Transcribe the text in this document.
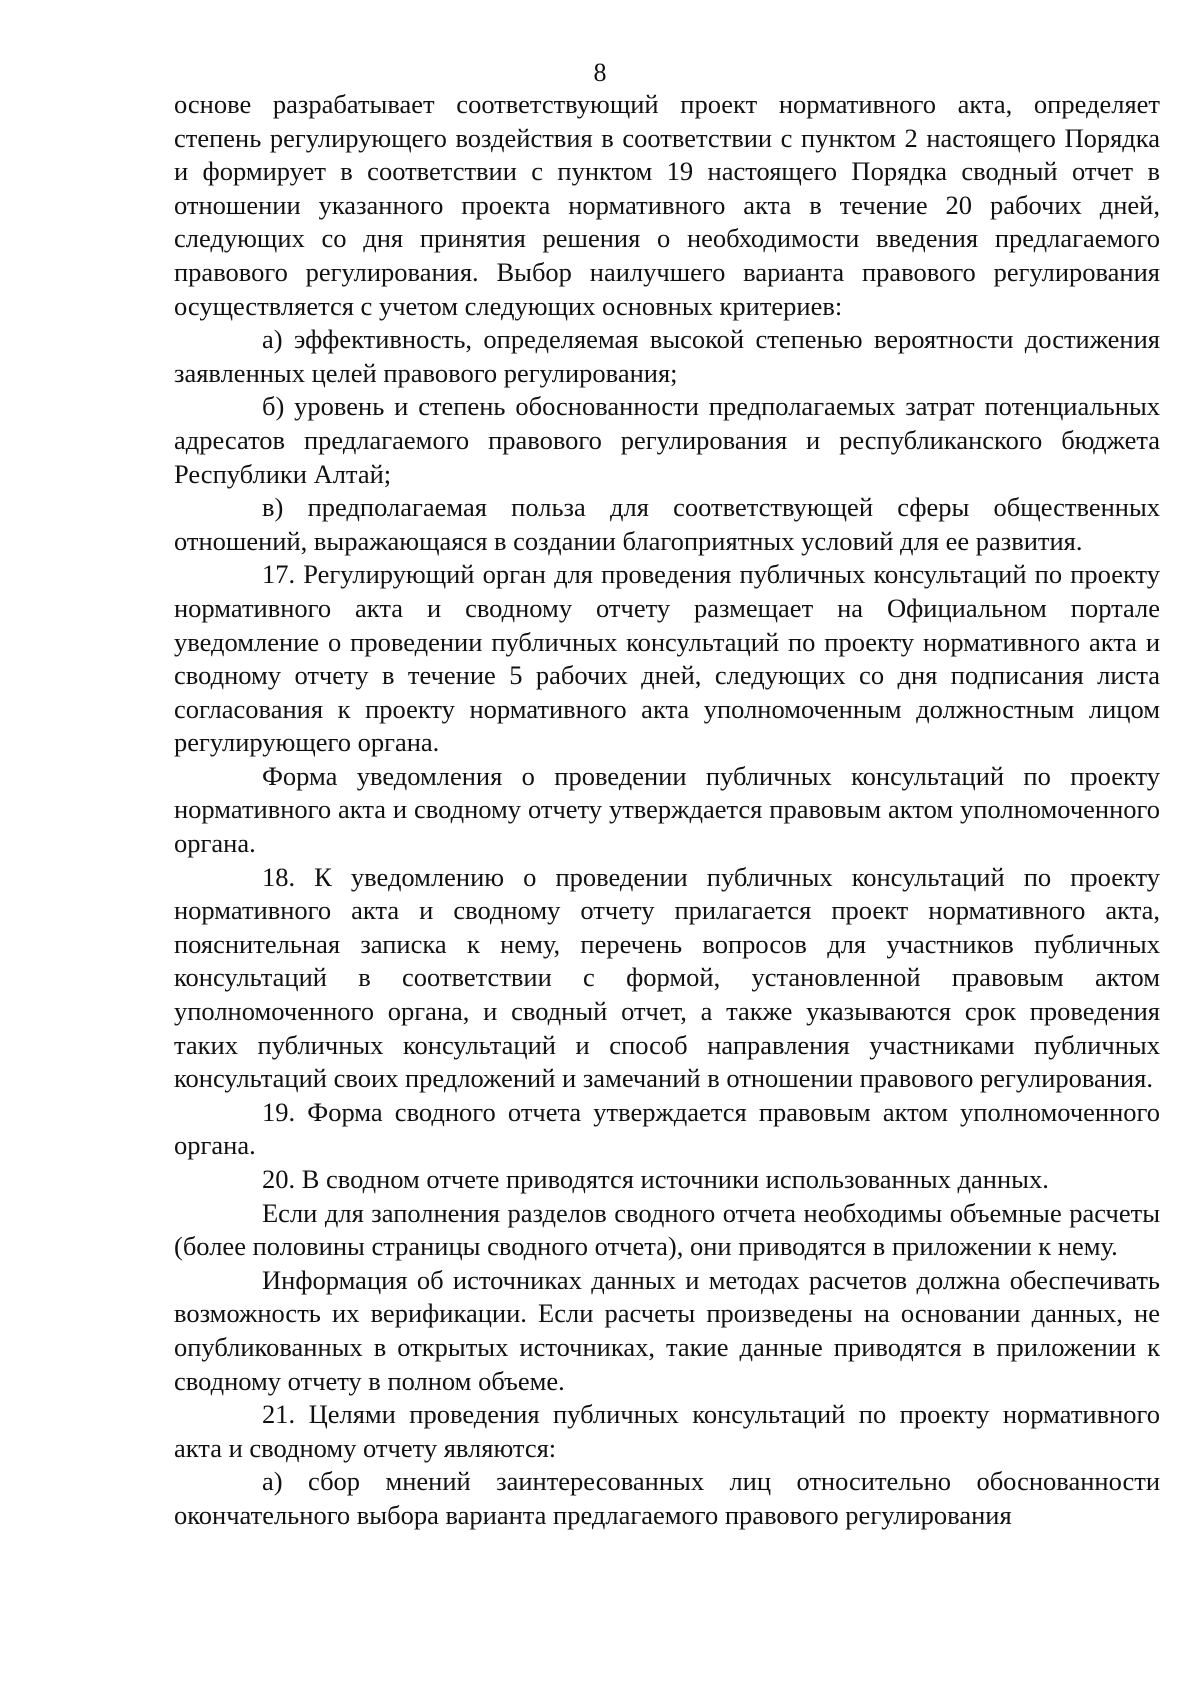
8

основе разрабатывает соответствующий проект нормативного акта, определяет степень регулирующего воздействия в соответствии с пунктом 2 настоящего Порядка и формирует в соответствии с пунктом 19 настоящего Порядка сводный отчет в отношении указанного проекта нормативного акта в течение 20 рабочих дней, следующих со дня принятия решения о необходимости введения предлагаемого правового регулирования. Выбор наилучшего варианта правового регулирования осуществляется с учетом следующих основных критериев:

а) эффективность, определяемая высокой степенью вероятности достижения заявленных целей правового регулирования;

б) уровень и степень обоснованности предполагаемых затрат потенциальных адресатов предлагаемого правового регулирования и республиканского бюджета Республики Алтай;

в) предполагаемая польза для соответствующей сферы общественных отношений, выражающаяся в создании благоприятных условий для ее развития.

17. Регулирующий орган для проведения публичных консультаций по проекту нормативного акта и сводному отчету размещает на Официальном портале уведомление о проведении публичных консультаций по проекту нормативного акта и сводному отчету в течение 5 рабочих дней, следующих со дня подписания листа согласования к проекту нормативного акта уполномоченным должностным лицом регулирующего органа.

Форма уведомления о проведении публичных консультаций по проекту нормативного акта и сводному отчету утверждается правовым актом уполномоченного органа.

18. К уведомлению о проведении публичных консультаций по проекту нормативного акта и сводному отчету прилагается проект нормативного акта, пояснительная записка к нему, перечень вопросов для участников публичных консультаций в соответствии с формой, установленной правовым актом уполномоченного органа, и сводный отчет, а также указываются срок проведения таких публичных консультаций и способ направления участниками публичных консультаций своих предложений и замечаний в отношении правового регулирования.

19. Форма сводного отчета утверждается правовым актом уполномоченного органа.

20. В сводном отчете приводятся источники использованных данных.

Если для заполнения разделов сводного отчета необходимы объемные расчеты (более половины страницы сводного отчета), они приводятся в приложении к нему.

Информация об источниках данных и методах расчетов должна обеспечивать возможность их верификации. Если расчеты произведены на основании данных, не опубликованных в открытых источниках, такие данные приводятся в приложении к сводному отчету в полном объеме.

21. Целями проведения публичных консультаций по проекту нормативного акта и сводному отчету являются:

а) сбор мнений заинтересованных лиц относительно обоснованности окончательного выбора варианта предлагаемого правового регулирования
